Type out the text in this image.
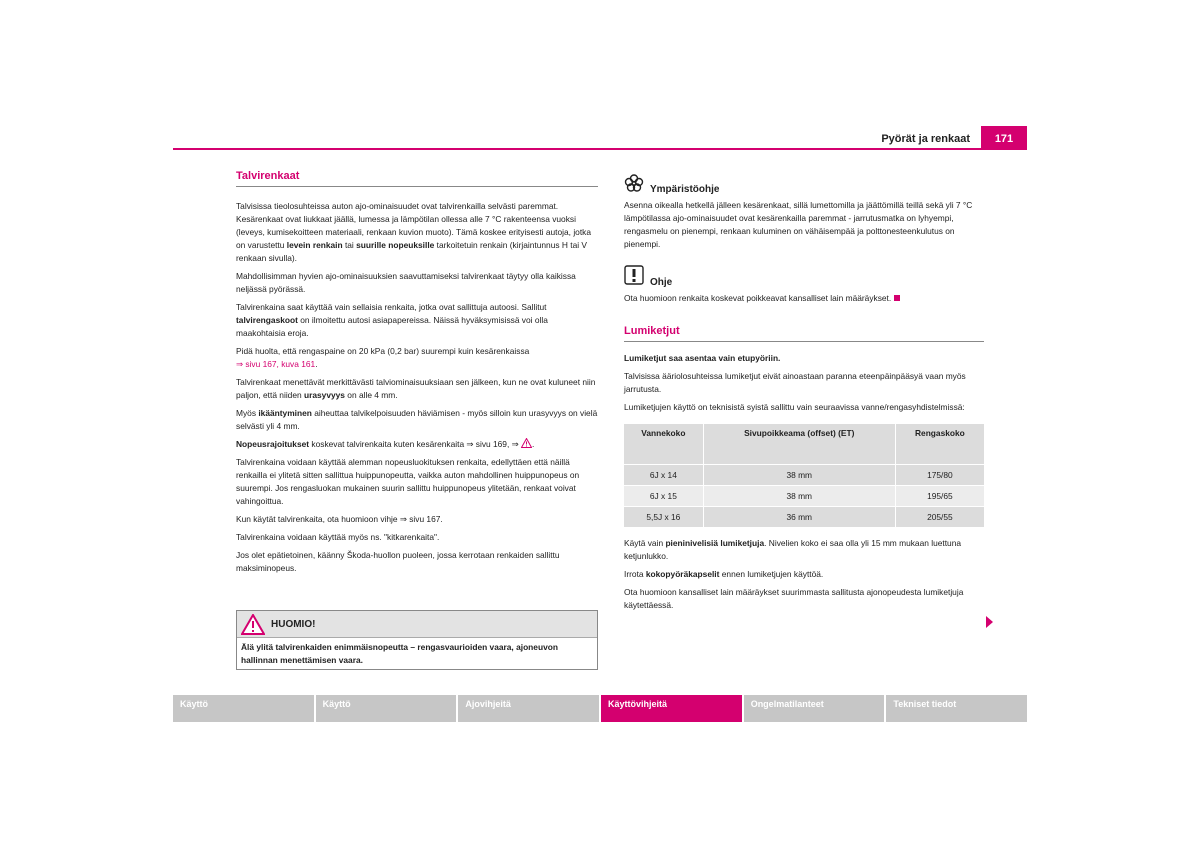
Pyörät ja renkaat	171
Talvirenkaat

Talvisissa tieolosuhteissa auton ajo-ominaisuudet ovat talvirenkailla selvästi paremmat. Kesärenkaat ovat liukkaat jäällä, lumessa ja lämpötilan ollessa alle 7 °C rakenteensa vuoksi (leveys, kumisekoitteen materiaali, renkaan kuvion muoto). Tämä koskee erityisesti autoja, jotka on varustettu levein renkain tai suurille nopeuksille tarkoitetuin renkain (kirjaintunnus H tai V renkaan sivulla).

Mahdollisimman hyvien ajo-ominaisuuksien saavuttamiseksi talvirenkaat täytyy olla kaikissa neljässä pyörässä.

Talvirenkaina saat käyttää vain sellaisia renkaita, jotka ovat sallittuja autoosi. Sallitut talvirengaskoot on ilmoitettu autosi asiapapereissa. Näissä hyväksymisissä voi olla maakohtaisia eroja.

Pidä huolta, että rengaspaine on 20 kPa (0,2 bar) suurempi kuin kesärenkaissa
⇒ sivu 167, kuva 161.

Talvirenkaat menettävät merkittävästi talviominaisuuksiaan sen jälkeen, kun ne ovat kuluneet niin paljon, että niiden urasyvyys on alle 4 mm.

Myös ikääntyminen aiheuttaa talvikelpoisuuden häviämisen - myös silloin kun urasyvyys on vielä selvästi yli 4 mm.

Nopeusrajoitukset koskevat talvirenkaita kuten kesärenkaita ⇒ sivu 169, ⇒ .

Talvirenkaina voidaan käyttää alemman nopeusluokituksen renkaita, edellyttäen että näillä renkailla ei ylitetä sitten sallittua huippunopeutta, vaikka auton mahdollinen huippunopeus on suurempi. Jos rengasluokan mukainen suurin sallittu huippunopeus ylitetään, renkaat voivat vahingoittua.

Kun käytät talvirenkaita, ota huomioon vihje ⇒ sivu 167.

Talvirenkaina voidaan käyttää myös ns. "kitkarenkaita".

Jos olet epätietoinen, käänny Škoda-huollon puoleen, jossa kerrotaan renkaiden sallittu maksiminopeus.

HUOMIO!
Älä ylitä talvirenkaiden enimmäisnopeutta – rengasvaurioiden vaara, ajoneuvon hallinnan menettämisen vaara.
Ympäristöohje

Asenna oikealla hetkellä jälleen kesärenkaat, sillä lumettomilla ja jäättömillä teillä sekä yli 7 °C lämpötilassa ajo-ominaisuudet ovat kesärenkailla paremmat - jarrutusmatka on lyhyempi, rengasmelu on pienempi, renkaan kuluminen on vähäisempää ja polttonesteenkulutus on pienempi.

Ohje

Ota huomioon renkaita koskevat poikkeavat kansalliset lain määräykset.

Lumiketjut

Lumiketjut saa asentaa vain etupyöriin.

Talvisissa ääriolosuhteissa lumiketjut eivät ainoastaan paranna eteenpäinpääsyä vaan myös jarrutusta.

Lumiketjujen käyttö on teknisistä syistä sallittu vain seuraavissa vanne/rengasyhdistelmissä:

Vannekoko	Sivupoikkeama (offset) (ET)	Rengaskoko
6J x 14	38 mm	175/80
6J x 15	38 mm	195/65
5,5J x 16	36 mm	205/55

Käytä vain pieninivelisiä lumiketjuja. Nivelien koko ei saa olla yli 15 mm mukaan luettuna ketjunlukko.

Irrota kokopyöräkapselit ennen lumiketjujen käyttöä.

Ota huomioon kansalliset lain määräykset suurimmasta sallitusta ajonopeudesta lumiketjuja käytettäessä.

Käyttö	Käyttö	Ajovihjeitä	Käyttövihjeitä	Ongelmatilanteet	Tekniset tiedot
